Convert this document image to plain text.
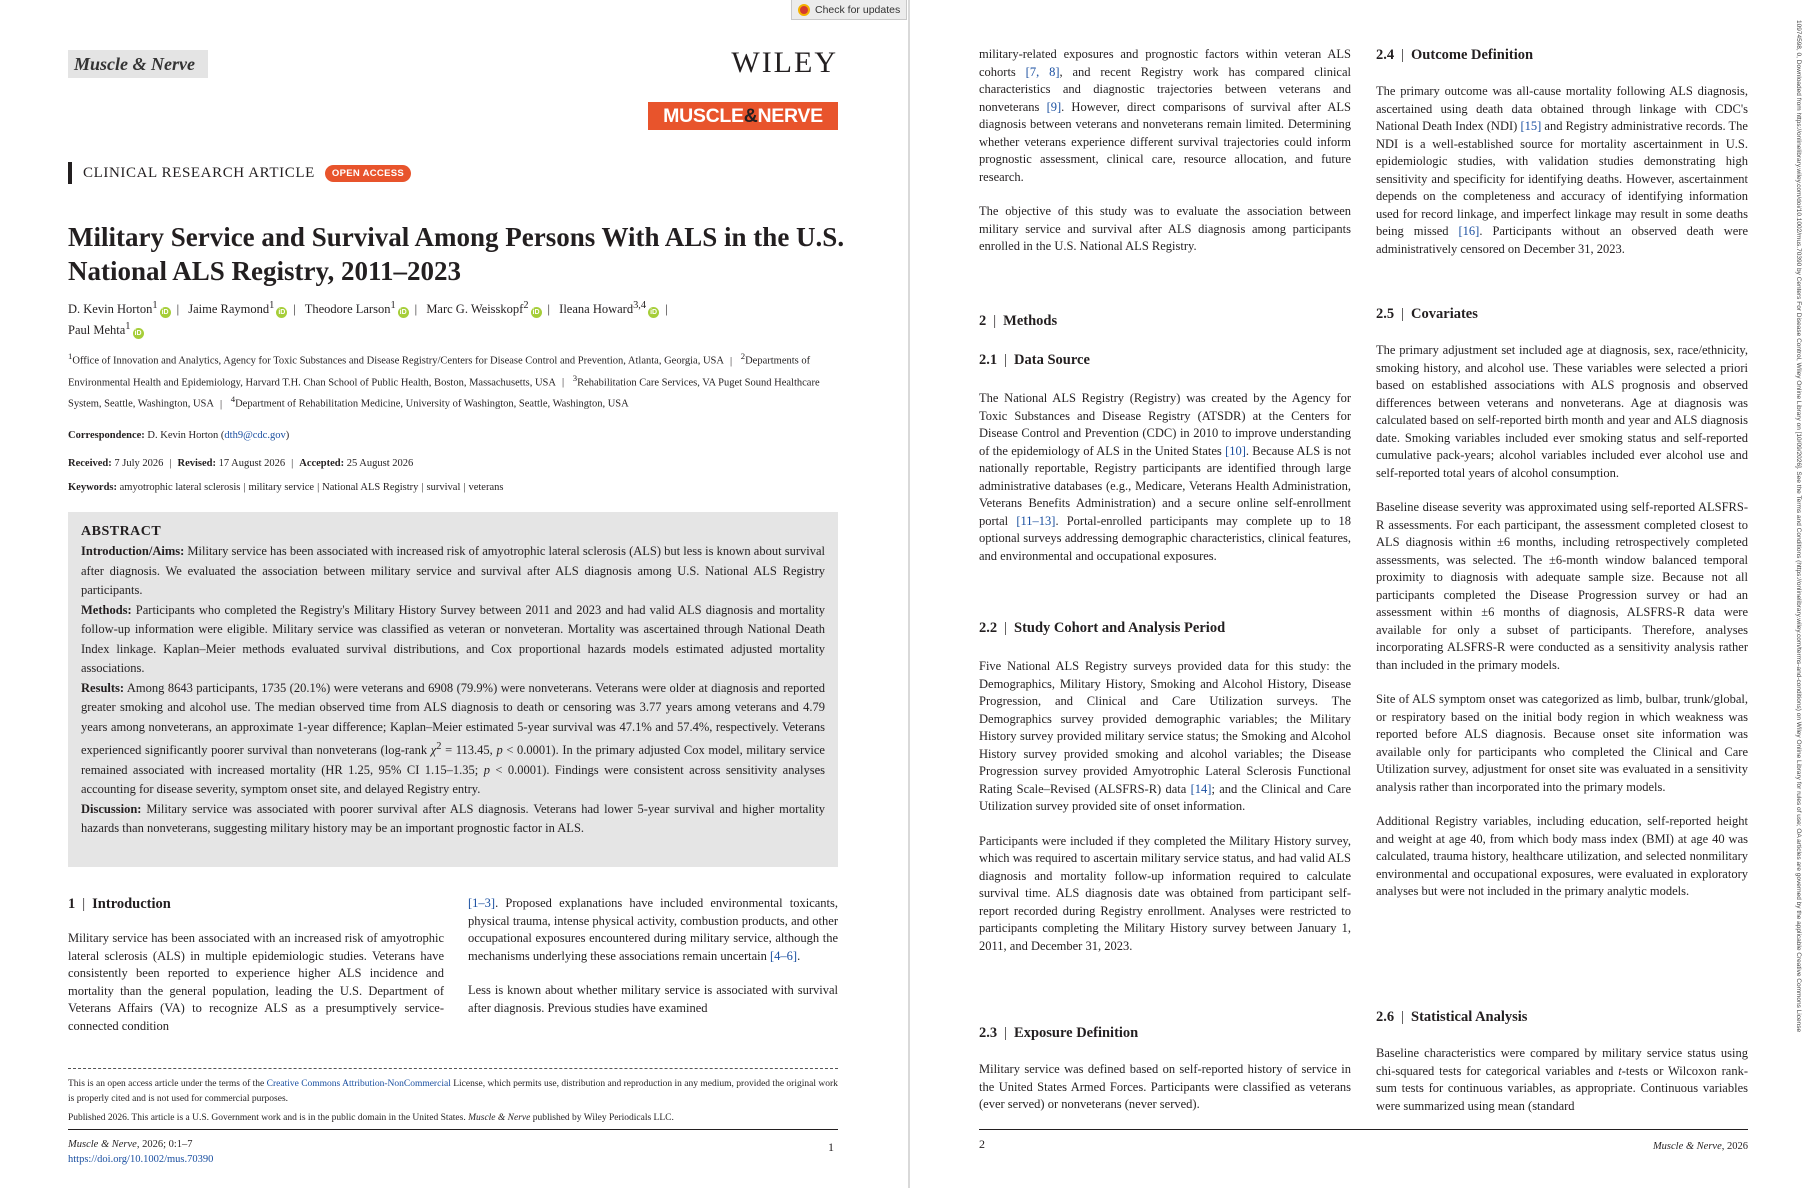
Check for updates
Muscle & Nerve	WILEY
MUSCLE&NERVE
CLINICAL RESEARCH ARTICLE	OPEN ACCESS
Military Service and Survival Among Persons With ALS in the U.S. National ALS Registry, 2011–2023
D. Kevin Horton$^1$iD | Jaime Raymond$^1$iD | Theodore Larson$^1$iD | Marc G. Weisskopf$^2$iD | Ileana Howard$^{3,4}$iD |
Paul Mehta$^1$iD
$^1$Office of Innovation and Analytics, Agency for Toxic Substances and Disease Registry/Centers for Disease Control and Prevention, Atlanta, Georgia, USA | $^2$Departments of Environmental Health and Epidemiology, Harvard T.H. Chan School of Public Health, Boston, Massachusetts, USA | $^3$Rehabilitation Care Services, VA Puget Sound Healthcare System, Seattle, Washington, USA | $^4$Department of Rehabilitation Medicine, University of Washington, Seattle, Washington, USA
Correspondence: D. Kevin Horton (dth9@cdc.gov)
Received: 7 July 2026 | Revised: 17 August 2026 | Accepted: 25 August 2026
Keywords: amyotrophic lateral sclerosis | military service | National ALS Registry | survival | veterans
ABSTRACT

Introduction/Aims: Military service has been associated with increased risk of amyotrophic lateral sclerosis (ALS) but less is known about survival after diagnosis. We evaluated the association between military service and survival after ALS diagnosis among U.S. National ALS Registry participants.

Methods: Participants who completed the Registry's Military History Survey between 2011 and 2023 and had valid ALS diagnosis and mortality follow-up information were eligible. Military service was classified as veteran or nonveteran. Mortality was ascertained through National Death Index linkage. Kaplan–Meier methods evaluated survival distributions, and Cox proportional hazards models estimated adjusted mortality associations.

Results: Among 8643 participants, 1735 (20.1%) were veterans and 6908 (79.9%) were nonveterans. Veterans were older at diagnosis and reported greater smoking and alcohol use. The median observed time from ALS diagnosis to death or censoring was 3.77 years among veterans and 4.79 years among nonveterans, an approximate 1-year difference; Kaplan–Meier estimated 5-year survival was 47.1% and 57.4%, respectively. Veterans experienced significantly poorer survival than nonveterans (log-rank $\chi^2 = 113.45$, p < 0.0001). In the primary adjusted Cox model, military service remained associated with increased mortality (HR 1.25, 95% CI 1.15–1.35; p < 0.0001). Findings were consistent across sensitivity analyses accounting for disease severity, symptom onset site, and delayed Registry entry.

Discussion: Military service was associated with poorer survival after ALS diagnosis. Veterans had lower 5-year survival and higher mortality hazards than nonveterans, suggesting military history may be an important prognostic factor in ALS.

1 | Introduction

Military service has been associated with an increased risk of amyotrophic lateral sclerosis (ALS) in multiple epidemiologic studies. Veterans have consistently been reported to experience higher ALS incidence and mortality than the general population, leading the U.S. Department of Veterans Affairs (VA) to recognize ALS as a presumptively service-connected condition

[1–3]. Proposed explanations have included environmental toxicants, physical trauma, intense physical activity, combustion products, and other occupational exposures encountered during military service, although the mechanisms underlying these associations remain uncertain [4–6].

Less is known about whether military service is associated with survival after diagnosis. Previous studies have examined

This is an open access article under the terms of the Creative Commons Attribution-NonCommercial License, which permits use, distribution and reproduction in any medium, provided the original work is properly cited and is not used for commercial purposes.

Published 2026. This article is a U.S. Government work and is in the public domain in the United States. Muscle & Nerve published by Wiley Periodicals LLC.

Muscle & Nerve, 2026; 0:1–7
https://doi.org/10.1002/mus.70390
1

military-related exposures and prognostic factors within veteran ALS cohorts [7, 8], and recent Registry work has compared clinical characteristics and diagnostic trajectories between veterans and nonveterans [9]. However, direct comparisons of survival after ALS diagnosis between veterans and nonveterans remain limited. Determining whether veterans experience different survival trajectories could inform prognostic assessment, clinical care, resource allocation, and future research.

The objective of this study was to evaluate the association between military service and survival after ALS diagnosis among participants enrolled in the U.S. National ALS Registry.

2 | Methods
2.1 | Data Source

The National ALS Registry (Registry) was created by the Agency for Toxic Substances and Disease Registry (ATSDR) at the Centers for Disease Control and Prevention (CDC) in 2010 to improve understanding of the epidemiology of ALS in the United States [10]. Because ALS is not nationally reportable, Registry participants are identified through large administrative databases (e.g., Medicare, Veterans Health Administration, Veterans Benefits Administration) and a secure online self-enrollment portal [11–13]. Portal-enrolled participants may complete up to 18 optional surveys addressing demographic characteristics, clinical features, and environmental and occupational exposures.

2.2 | Study Cohort and Analysis Period

Five National ALS Registry surveys provided data for this study: the Demographics, Military History, Smoking and Alcohol History, Disease Progression, and Clinical and Care Utilization surveys. The Demographics survey provided demographic variables; the Military History survey provided military service status; the Smoking and Alcohol History survey provided smoking and alcohol variables; the Disease Progression survey provided Amyotrophic Lateral Sclerosis Functional Rating Scale–Revised (ALSFRS-R) data [14]; and the Clinical and Care Utilization survey provided site of onset information.

Participants were included if they completed the Military History survey, which was required to ascertain military service status, and had valid ALS diagnosis and mortality follow-up information required to calculate survival time. ALS diagnosis date was obtained from participant self-report recorded during Registry enrollment. Analyses were restricted to participants completing the Military History survey between January 1, 2011, and December 31, 2023.

2.3 | Exposure Definition

Military service was defined based on self-reported history of service in the United States Armed Forces. Participants were classified as veterans (ever served) or nonveterans (never served).

2.4 | Outcome Definition

The primary outcome was all-cause mortality following ALS diagnosis, ascertained using death data obtained through linkage with CDC's National Death Index (NDI) [15] and Registry administrative records. The NDI is a well-established source for mortality ascertainment in U.S. epidemiologic studies, with validation studies demonstrating high sensitivity and specificity for identifying deaths. However, ascertainment depends on the completeness and accuracy of identifying information used for record linkage, and imperfect linkage may result in some deaths being missed [16]. Participants without an observed death were administratively censored on December 31, 2023.

2.5 | Covariates

The primary adjustment set included age at diagnosis, sex, race/ethnicity, smoking history, and alcohol use. These variables were selected a priori based on established associations with ALS prognosis and observed differences between veterans and nonveterans. Age at diagnosis was calculated based on self-reported birth month and year and ALS diagnosis date. Smoking variables included ever smoking status and self-reported cumulative pack-years; alcohol variables included ever alcohol use and self-reported total years of alcohol consumption.

Baseline disease severity was approximated using self-reported ALSFRS-R assessments. For each participant, the assessment completed closest to ALS diagnosis within ±6 months, including retrospectively completed assessments, was selected. The ±6-month window balanced temporal proximity to diagnosis with adequate sample size. Because not all participants completed the Disease Progression survey or had an assessment within ±6 months of diagnosis, ALSFRS-R data were available for only a subset of participants. Therefore, analyses incorporating ALSFRS-R were conducted as a sensitivity analysis rather than included in the primary models.

Site of ALS symptom onset was categorized as limb, bulbar, trunk/global, or respiratory based on the initial body region in which weakness was reported before ALS diagnosis. Because onset site information was available only for participants who completed the Clinical and Care Utilization survey, adjustment for onset site was evaluated in a sensitivity analysis rather than incorporated into the primary models.

Additional Registry variables, including education, self-reported height and weight at age 40, from which body mass index (BMI) at age 40 was calculated, trauma history, healthcare utilization, and selected nonmilitary environmental and occupational exposures, were evaluated in exploratory analyses but were not included in the primary analytic models.

2.6 | Statistical Analysis

Baseline characteristics were compared by military service status using chi-squared tests for categorical variables and t-tests or Wilcoxon rank-sum tests for continuous variables, as appropriate. Continuous variables were summarized using mean (standard

2	Muscle & Nerve, 2026
10974598, 0, Downloaded from https://onlinelibrary.wiley.com/doi/10.1002/mus.70390 by Centers For Disease Control, Wiley Online Library on [10/09/2026]. See the Terms and Conditions (https://onlinelibrary.wiley.com/terms-and-conditions) on Wiley Online Library for rules of use; OA articles are governed by the applicable Creative Commons License
